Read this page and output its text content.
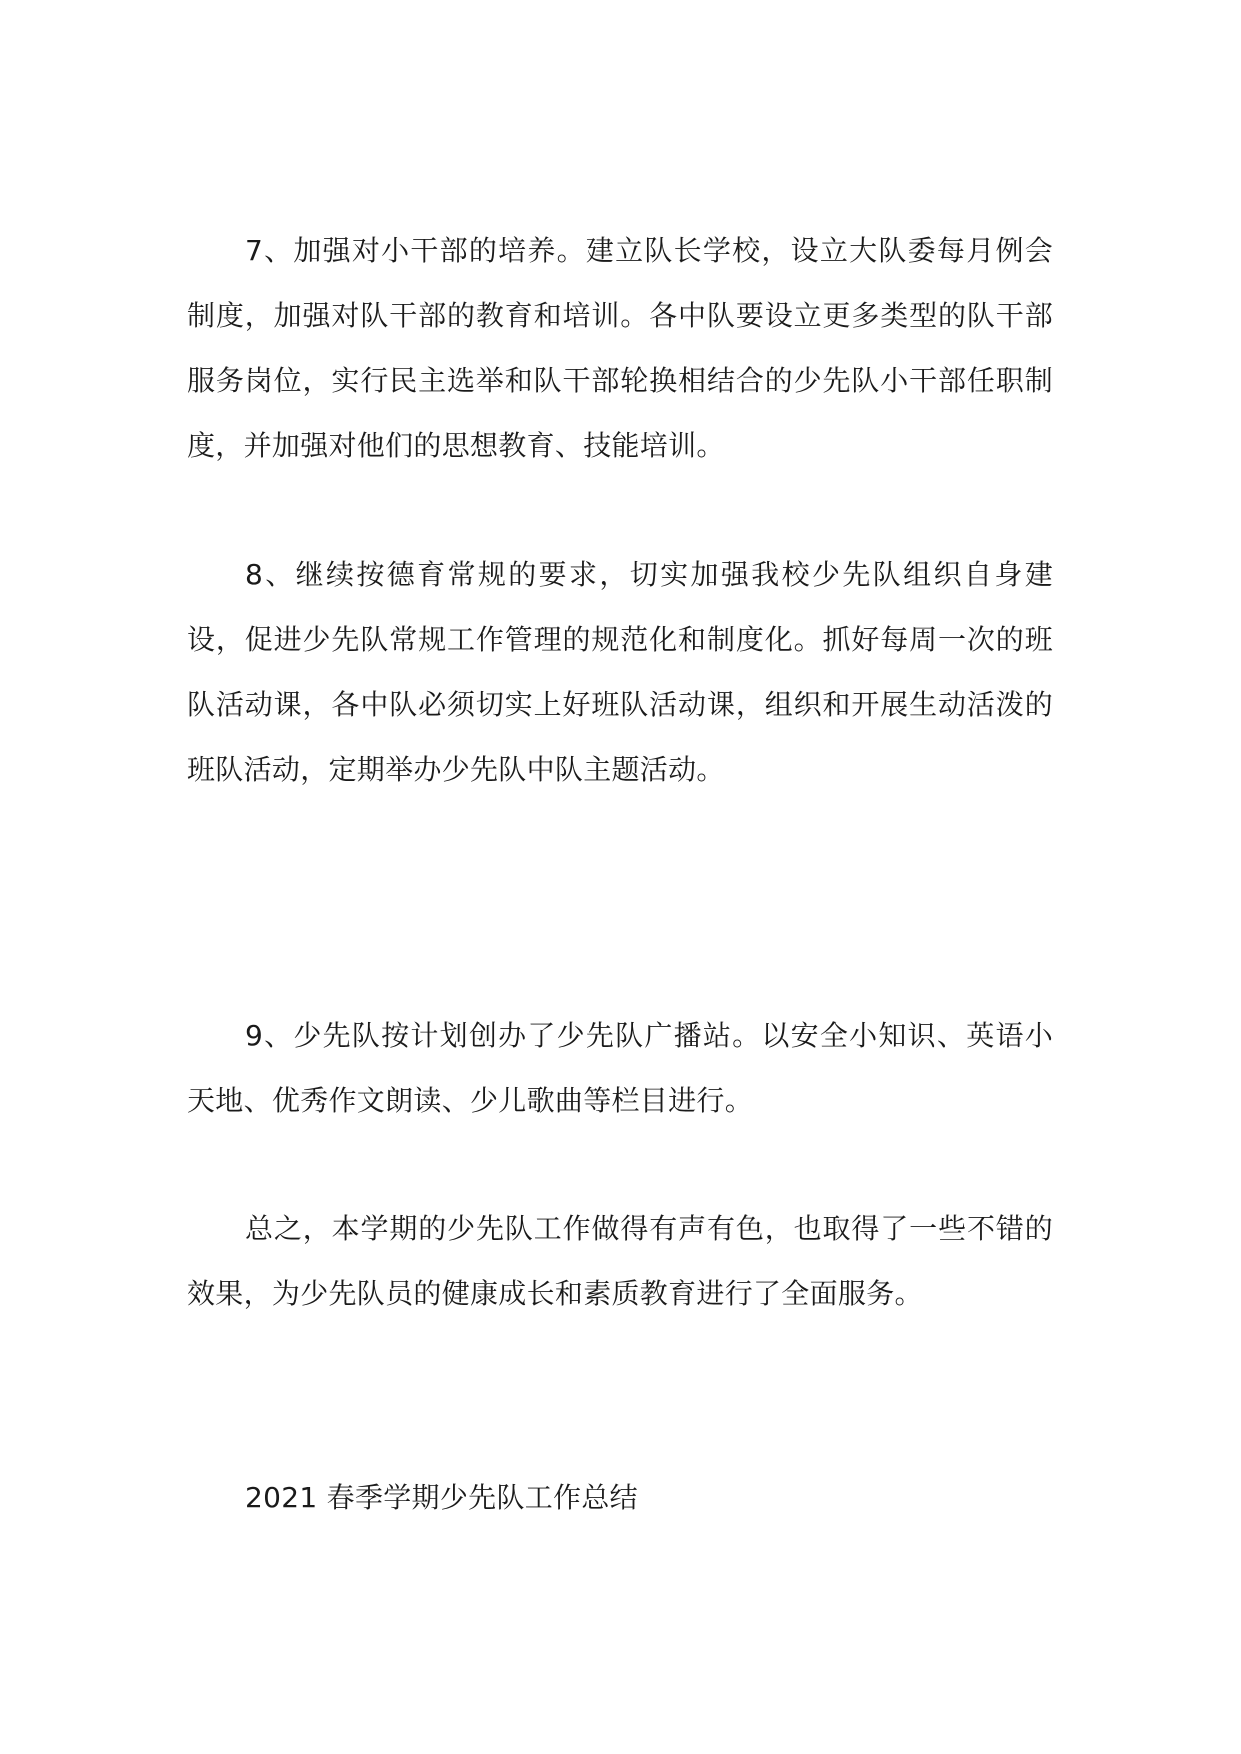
7、加强对小干部的培养。建立队长学校，设立大队委每月例会制度，加强对队干部的教育和培训。各中队要设立更多类型的队干部服务岗位，实行民主选举和队干部轮换相结合的少先队小干部任职制度，并加强对他们的思想教育、技能培训。

8、继续按德育常规的要求，切实加强我校少先队组织自身建设，促进少先队常规工作管理的规范化和制度化。抓好每周一次的班队活动课，各中队必须切实上好班队活动课，组织和开展生动活泼的班队活动，定期举办少先队中队主题活动。

9、少先队按计划创办了少先队广播站。以安全小知识、英语小天地、优秀作文朗读、少儿歌曲等栏目进行。

总之，本学期的少先队工作做得有声有色，也取得了一些不错的效果，为少先队员的健康成长和素质教育进行了全面服务。

2021 春季学期少先队工作总结
